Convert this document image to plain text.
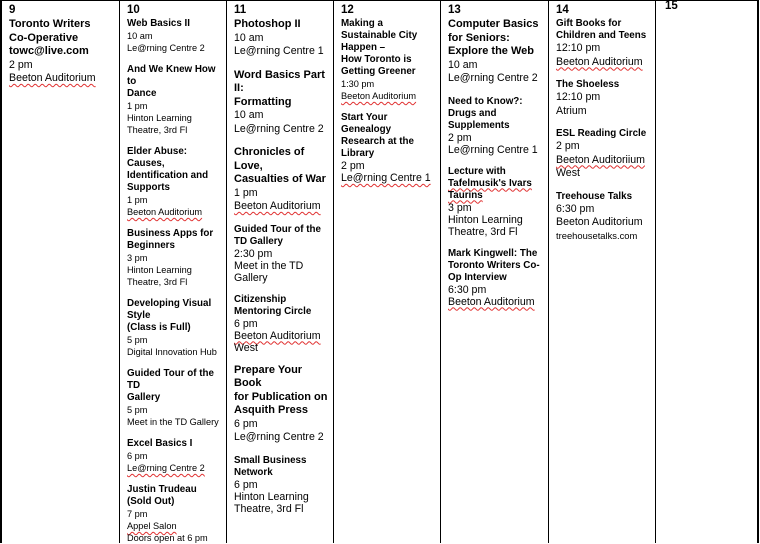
9
Toronto Writers
Co-Operative
towc@live.com
2 pm
Beeton Auditorium
10
Web Basics II
10 am
Le@rning Centre 2
And We Knew How to
Dance
1 pm
Hinton Learning
Theatre, 3rd Fl
Elder Abuse: Causes,
Identification and
Supports
1 pm
Beeton Auditorium
Business Apps for
Beginners
3 pm
Hinton Learning
Theatre, 3rd Fl
Developing Visual
Style
(Class is Full)
5 pm
Digital Innovation Hub
Guided Tour of the TD
Gallery
5 pm
Meet in the TD Gallery
Excel Basics I
6 pm
Le@rning Centre 2
Justin Trudeau
(Sold Out)
7 pm
Appel Salon
Doors open at 6 pm
11
Photoshop II
10 am
Le@rning Centre 1
Word Basics Part II:
Formatting
10 am
Le@rning Centre 2
Chronicles of Love,
Casualties of War
1 pm
Beeton Auditorium
Guided Tour of the
TD Gallery
2:30 pm
Meet in the TD Gallery
Citizenship
Mentoring Circle
6 pm
Beeton Auditorium
West
Prepare Your Book
for Publication on
Asquith Press
6 pm
Le@rning Centre 2
Small Business
Network
6 pm
Hinton Learning
Theatre, 3rd Fl
12
Making a
Sustainable City
Happen –
How Toronto is
Getting Greener
1:30 pm
Beeton Auditorium
Start Your
Genealogy
Research at the
Library
2 pm
Le@rning Centre 1
13
Computer Basics
for Seniors:
Explore the Web
10 am
Le@rning Centre 2
Need to Know?:
Drugs and
Supplements
2 pm
Le@rning Centre 1
Lecture with
Tafelmusik's Ivars
Taurins
3 pm
Hinton Learning
Theatre, 3rd Fl
Mark Kingwell: The
Toronto Writers Co-
Op Interview
6:30 pm
Beeton Auditorium
14
Gift Books for
Children and Teens
12:10 pm
Beeton Auditorium
The Shoeless
12:10 pm
Atrium
ESL Reading Circle
2 pm
Beeton Auditoriium
West
Treehouse Talks
6:30 pm
Beeton Auditorium
treehousetalks.com
15
